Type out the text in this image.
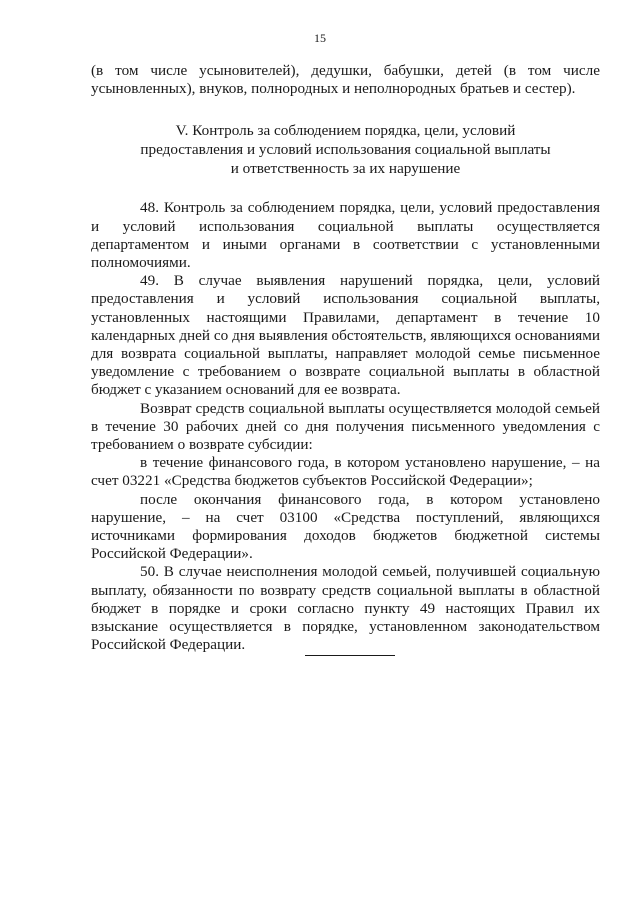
15

(в том числе усыновителей), дедушки, бабушки, детей (в том числе усыновленных), внуков, полнородных и неполнородных братьев и сестер).

V. Контроль за соблюдением порядка, цели, условий
предоставления и условий использования социальной выплаты
и ответственность за их нарушение

48. Контроль за соблюдением порядка, цели, условий предоставления и условий использования социальной выплаты осуществляется департаментом и иными органами в соответствии с установленными полномочиями.

49. В случае выявления нарушений порядка, цели, условий предоставления и условий использования социальной выплаты, установленных настоящими Правилами, департамент в течение 10 календарных дней со дня выявления обстоятельств, являющихся основаниями для возврата социальной выплаты, направляет молодой семье письменное уведомление с требованием о возврате социальной выплаты в областной бюджет с указанием оснований для ее возврата.

Возврат средств социальной выплаты осуществляется молодой семьей в течение 30 рабочих дней со дня получения письменного уведомления с требованием о возврате субсидии:

в течение финансового года, в котором установлено нарушение, – на счет 03221 «Средства бюджетов субъектов Российской Федерации»;

после окончания финансового года, в котором установлено нарушение, – на счет 03100 «Средства поступлений, являющихся источниками формирования доходов бюджетов бюджетной системы Российской Федерации».

50. В случае неисполнения молодой семьей, получившей социальную выплату, обязанности по возврату средств социальной выплаты в областной бюджет в порядке и сроки согласно пункту 49 настоящих Правил их взыскание осуществляется в порядке, установленном законодательством Российской Федерации.
